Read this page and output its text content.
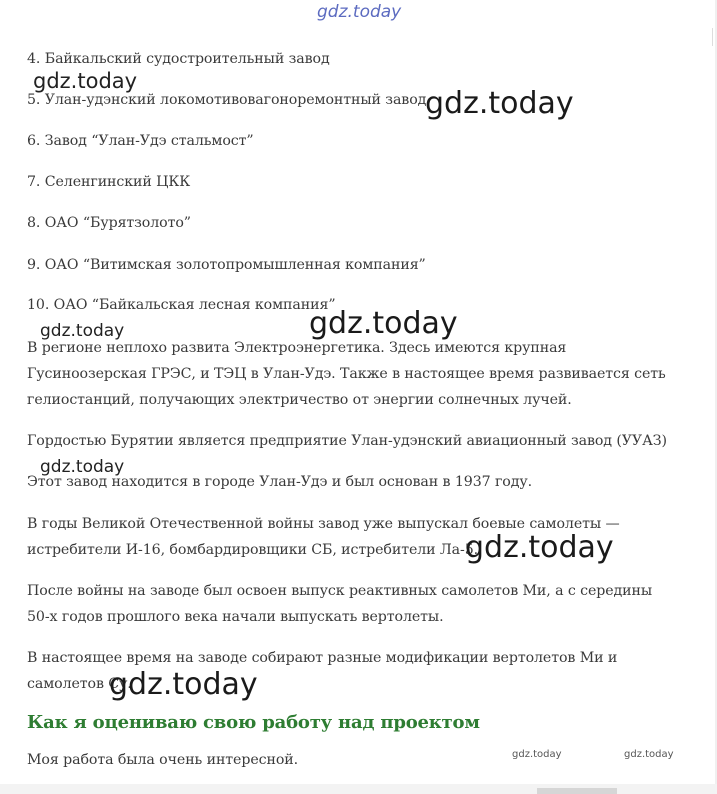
gdz.today

4. Байкальский судостроительный завод

gdz.today

5. Улан-удэнский локомотивовагоноремонтный завод

gdz.today

6. Завод “Улан-Удэ стальмост”

7. Селенгинский ЦКК

8. ОАО “Бурятзолото”

9. ОАО “Витимская золотопромышленная компания”

10. ОАО “Байкальская лесная компания”

gdz.today	gdz.today

В регионе неплохо развита Электроэнергетика. Здесь имеются крупная Гусиноозерская ГРЭС, и ТЭЦ в Улан-Удэ. Также в настоящее время развивается сеть гелиостанций, получающих электричество от энергии солнечных лучей.

Гордостью Бурятии является предприятие Улан-удэнский авиационный завод (УУАЗ)

gdz.today

Этот завод находится в городе Улан-Удэ и был основан в 1937 году.

В годы Великой Отечественной войны завод уже выпускал боевые самолеты — истребители И-16, бомбардировщики СБ, истребители Ла-5.

gdz.today

После войны на заводе был освоен выпуск реактивных самолетов Ми, а с середины 50-х годов прошлого века начали выпускать вертолеты.

В настоящее время на заводе собирают разные модификации вертолетов Ми и самолетов Су.

gdz.today
Как я оцениваю свою работу над проектом

Моя работа была очень интересной.	gdz.today	gdz.today
